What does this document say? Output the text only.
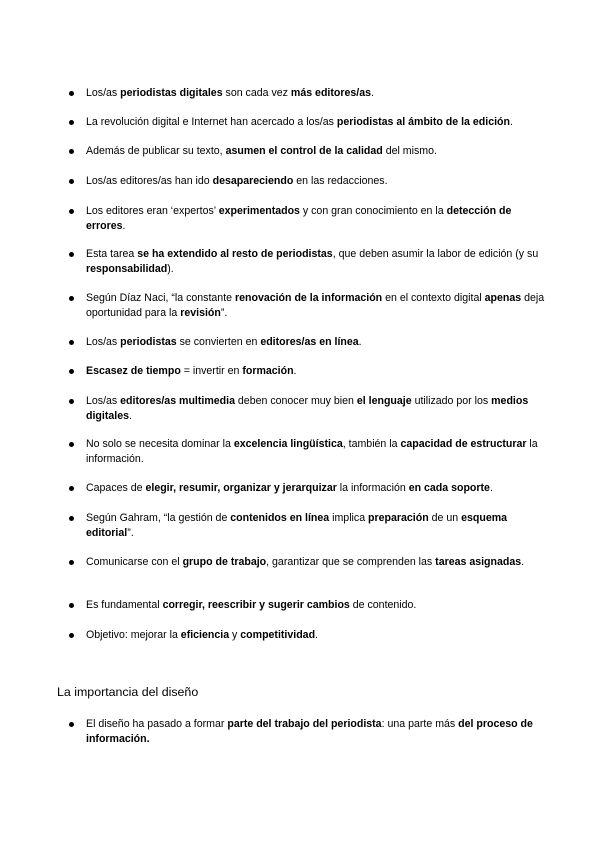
Los/as periodistas digitales son cada vez más editores/as.
La revolución digital e Internet han acercado a los/as periodistas al ámbito de la edición.
Además de publicar su texto, asumen el control de la calidad del mismo.
Los/as editores/as han ido desapareciendo en las redacciones.
Los editores eran ‘expertos’ experimentados y con gran conocimiento en la detección de errores.
Esta tarea se ha extendido al resto de periodistas, que deben asumir la labor de edición (y su responsabilidad).
Según Díaz Naci, “la constante renovación de la información en el contexto digital apenas deja oportunidad para la revisión”.
Los/as periodistas se convierten en editores/as en línea.
Escasez de tiempo = invertir en formación.
Los/as editores/as multimedia deben conocer muy bien el lenguaje utilizado por los medios digitales.
No solo se necesita dominar la excelencia lingüística, también la capacidad de estructurar la información.
Capaces de elegir, resumir, organizar y jerarquizar la información en cada soporte.
Según Gahram, “la gestión de contenidos en línea implica preparación de un esquema editorial”.
Comunicarse con el grupo de trabajo, garantizar que se comprenden las tareas asignadas.
Es fundamental corregir, reescribir y sugerir cambios de contenido.
Objetivo: mejorar la eficiencia y competitividad.
La importancia del diseño
El diseño ha pasado a formar parte del trabajo del periodista: una parte más del proceso de información.
